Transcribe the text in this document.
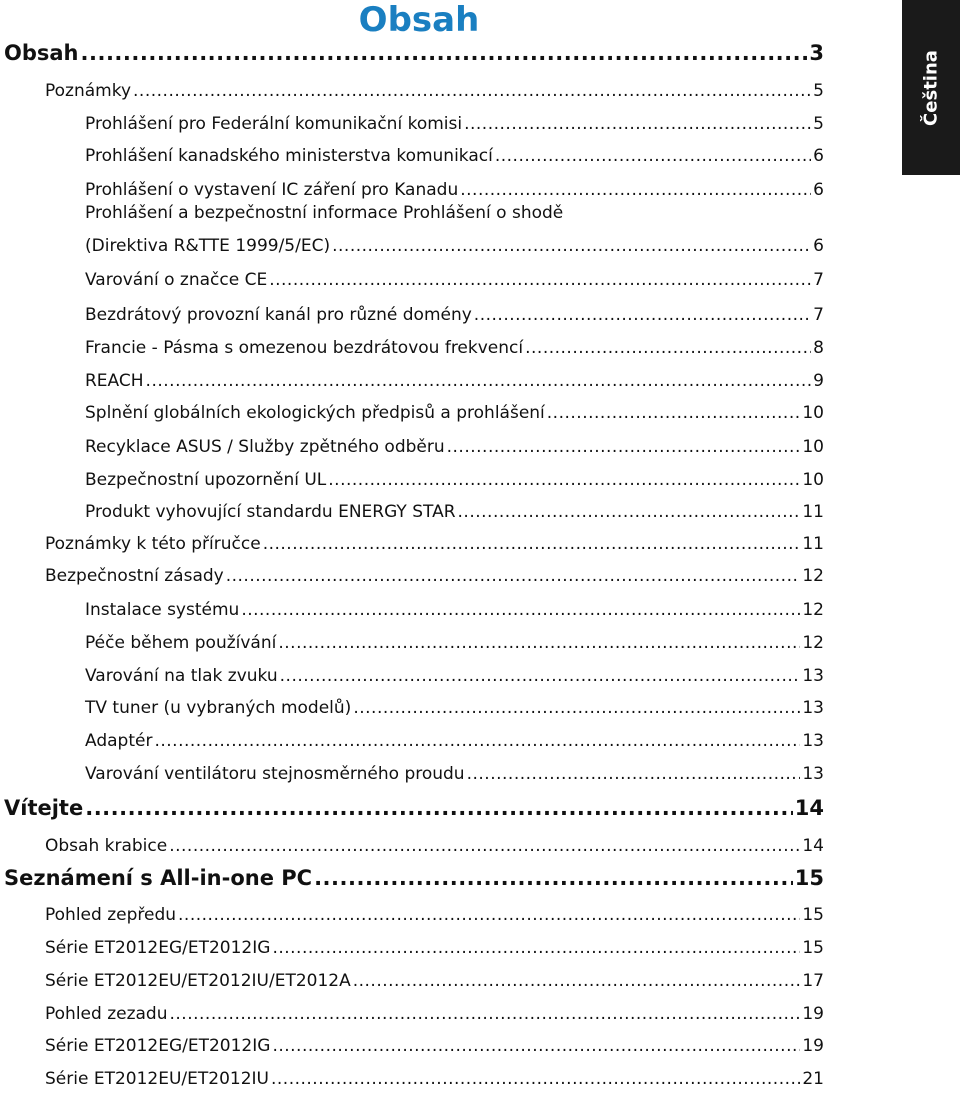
Obsah
Čeština
Obsah .....	3
Poznámky .....	5
Prohlášení pro Federální komunikační komisi .....	5
Prohlášení kanadského ministerstva komunikací .....	6
Prohlášení o vystavení IC záření pro Kanadu .....	6
Prohlášení a bezpečnostní informace Prohlášení o shodě
(Direktiva R&TTE 1999/5/EC) .....	6
Varování o značce CE .....	7
Bezdrátový provozní kanál pro různé domény .....	7
Francie - Pásma s omezenou bezdrátovou frekvencí .....	8
REACH .....	9
Splnění globálních ekologických předpisů a prohlášení .....	10
Recyklace ASUS / Služby zpětného odběru .....	10
Bezpečnostní upozornění UL .....	10
Produkt vyhovující standardu ENERGY STAR .....	11
Poznámky k této příručce .....	11
Bezpečnostní zásady .....	12
Instalace systému .....	12
Péče během používání .....	12
Varování na tlak zvuku .....	13
TV tuner (u vybraných modelů) .....	13
Adaptér .....	13
Varování ventilátoru stejnosměrného proudu .....	13
Vítejte .....	14
Obsah krabice .....	14
Seznámení s All-in-one PC .....	15
Pohled zepředu .....	15
Série ET2012EG/ET2012IG .....	15
Série ET2012EU/ET2012IU/ET2012A .....	17
Pohled zezadu .....	19
Série ET2012EG/ET2012IG .....	19
Série ET2012EU/ET2012IU .....	21
